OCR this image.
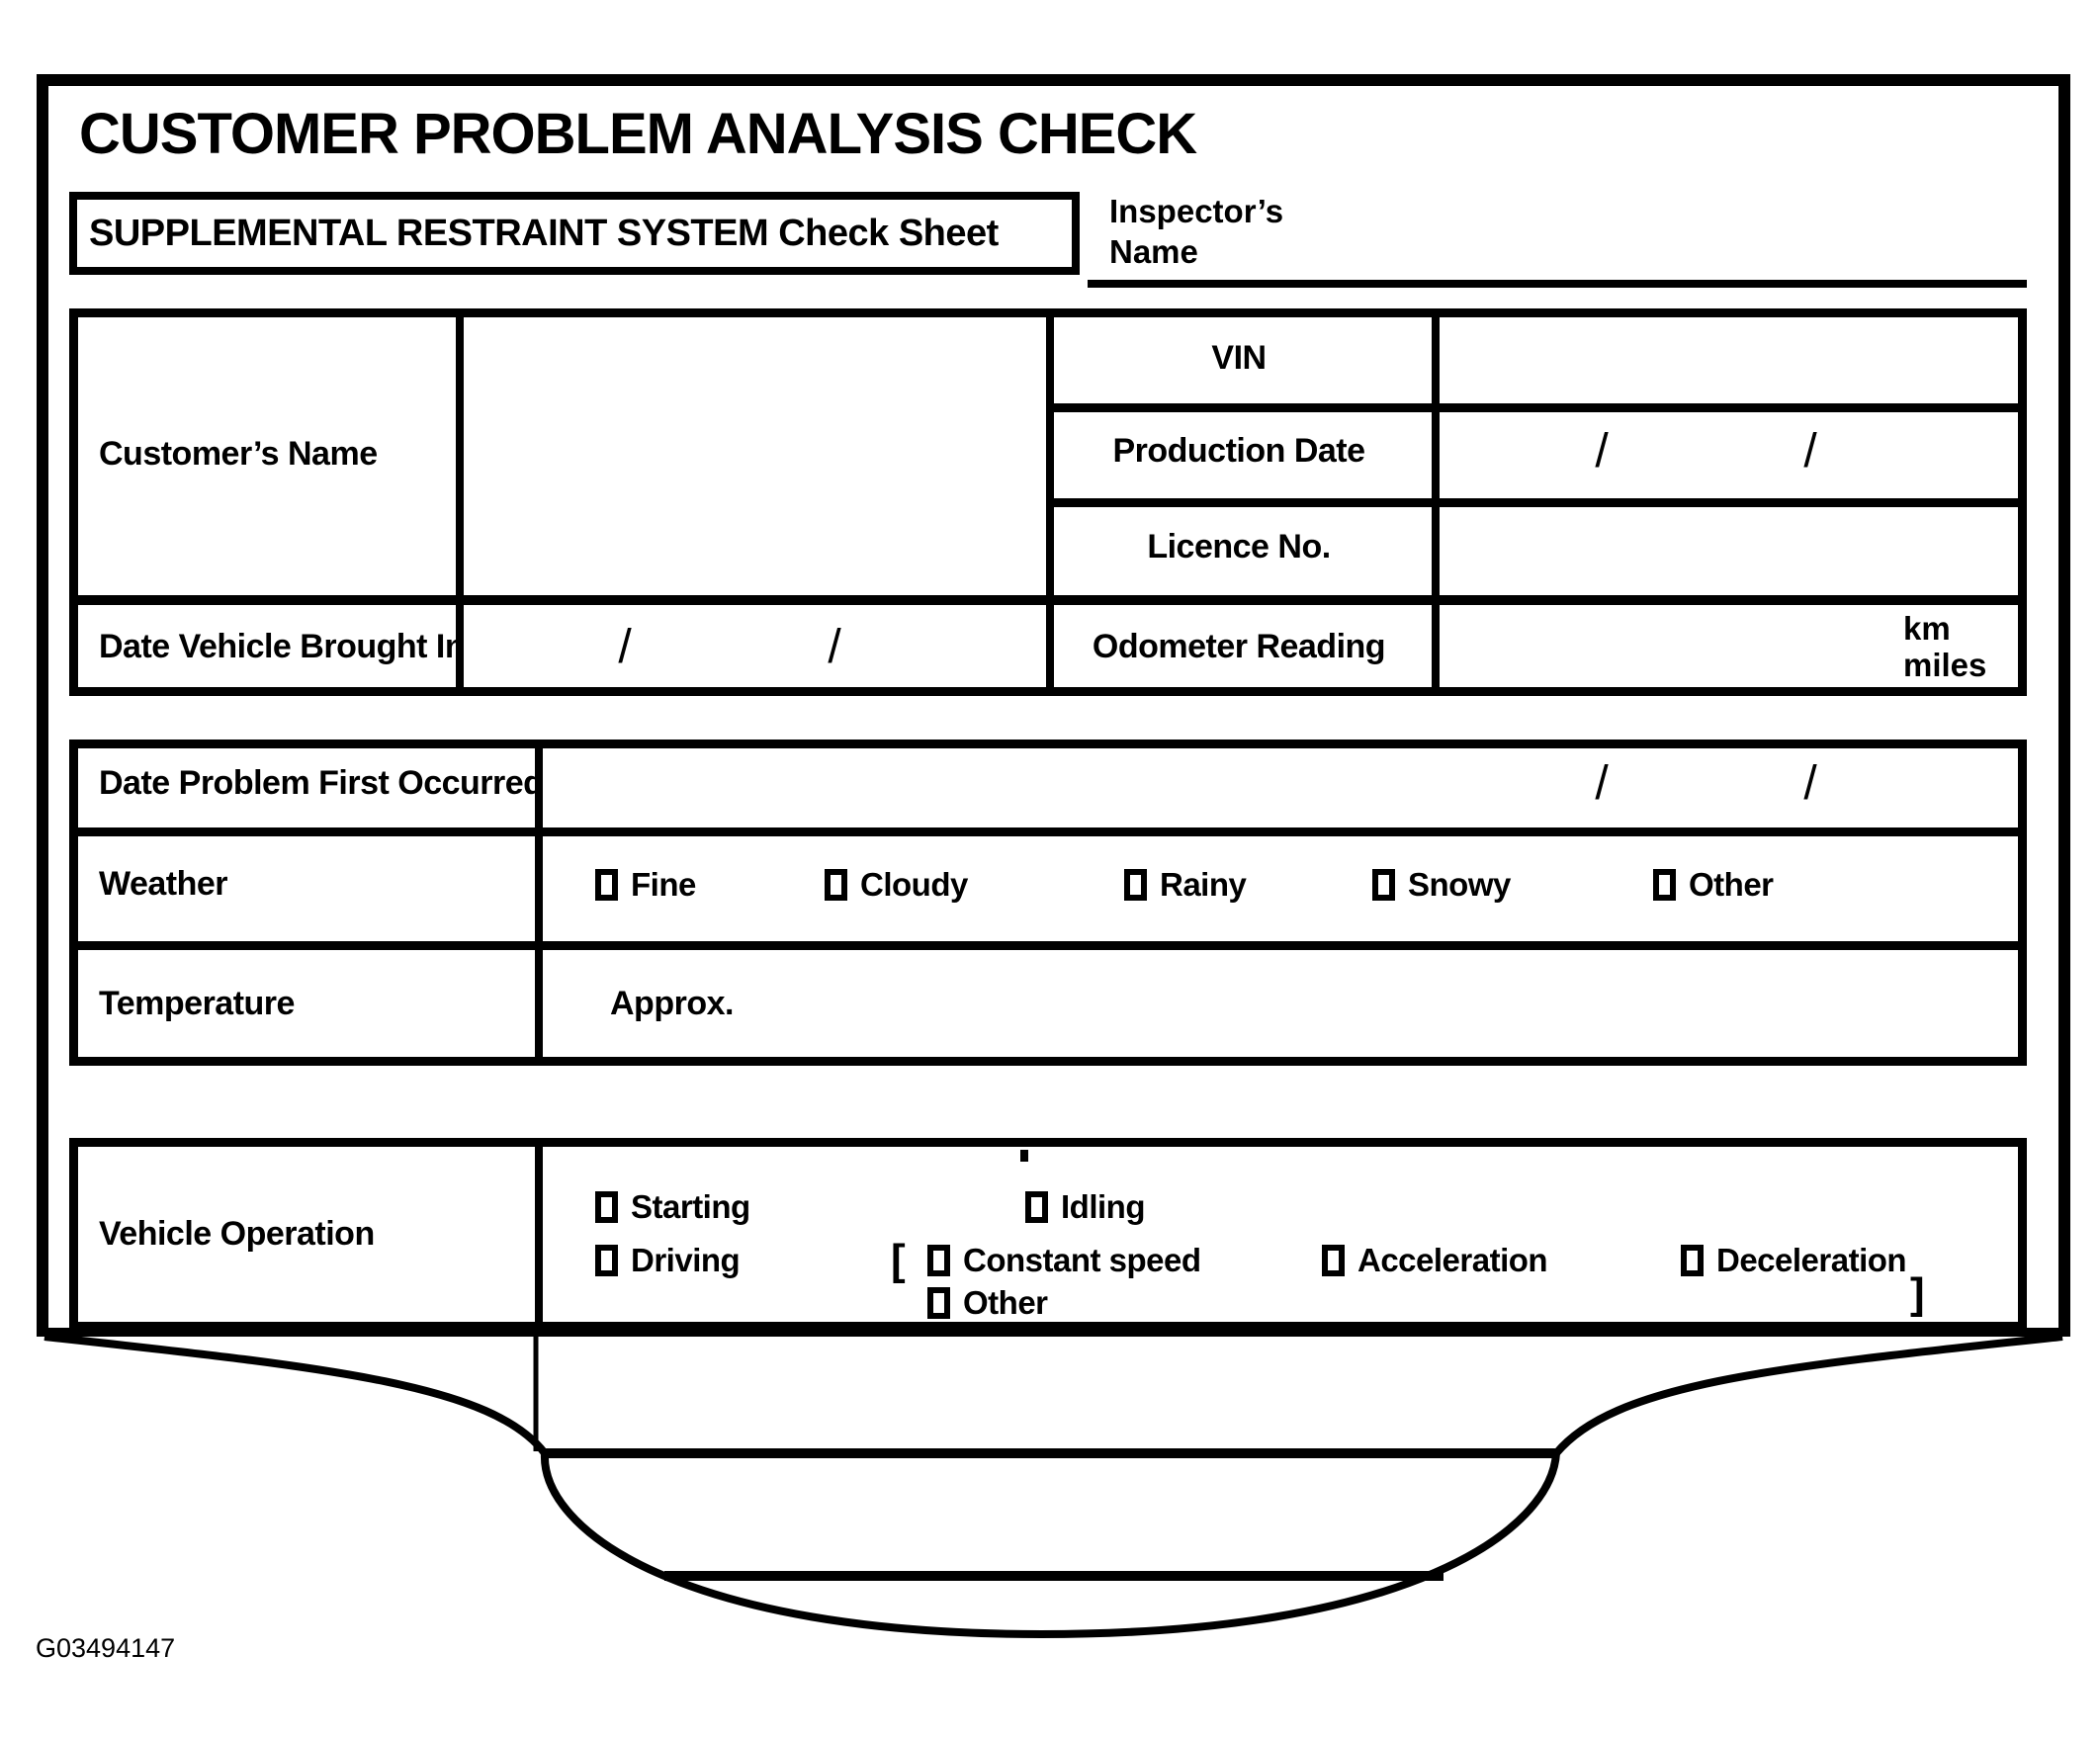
CUSTOMER PROBLEM ANALYSIS CHECK
SUPPLEMENTAL RESTRAINT SYSTEM Check Sheet
Inspector’s
Name
Customer’s Name
Date Vehicle Brought In	/	/
VIN
Production Date	/	/
Licence No.
Odometer Reading	km
miles
Date Problem First Occurred	/	/
Weather	Fine	Cloudy	Rainy	Snowy	Other
Temperature	Approx.
Vehicle Operation
Starting	Idling
Driving	[ Constant speed	Acceleration	Deceleration
Other	]
G03494147
